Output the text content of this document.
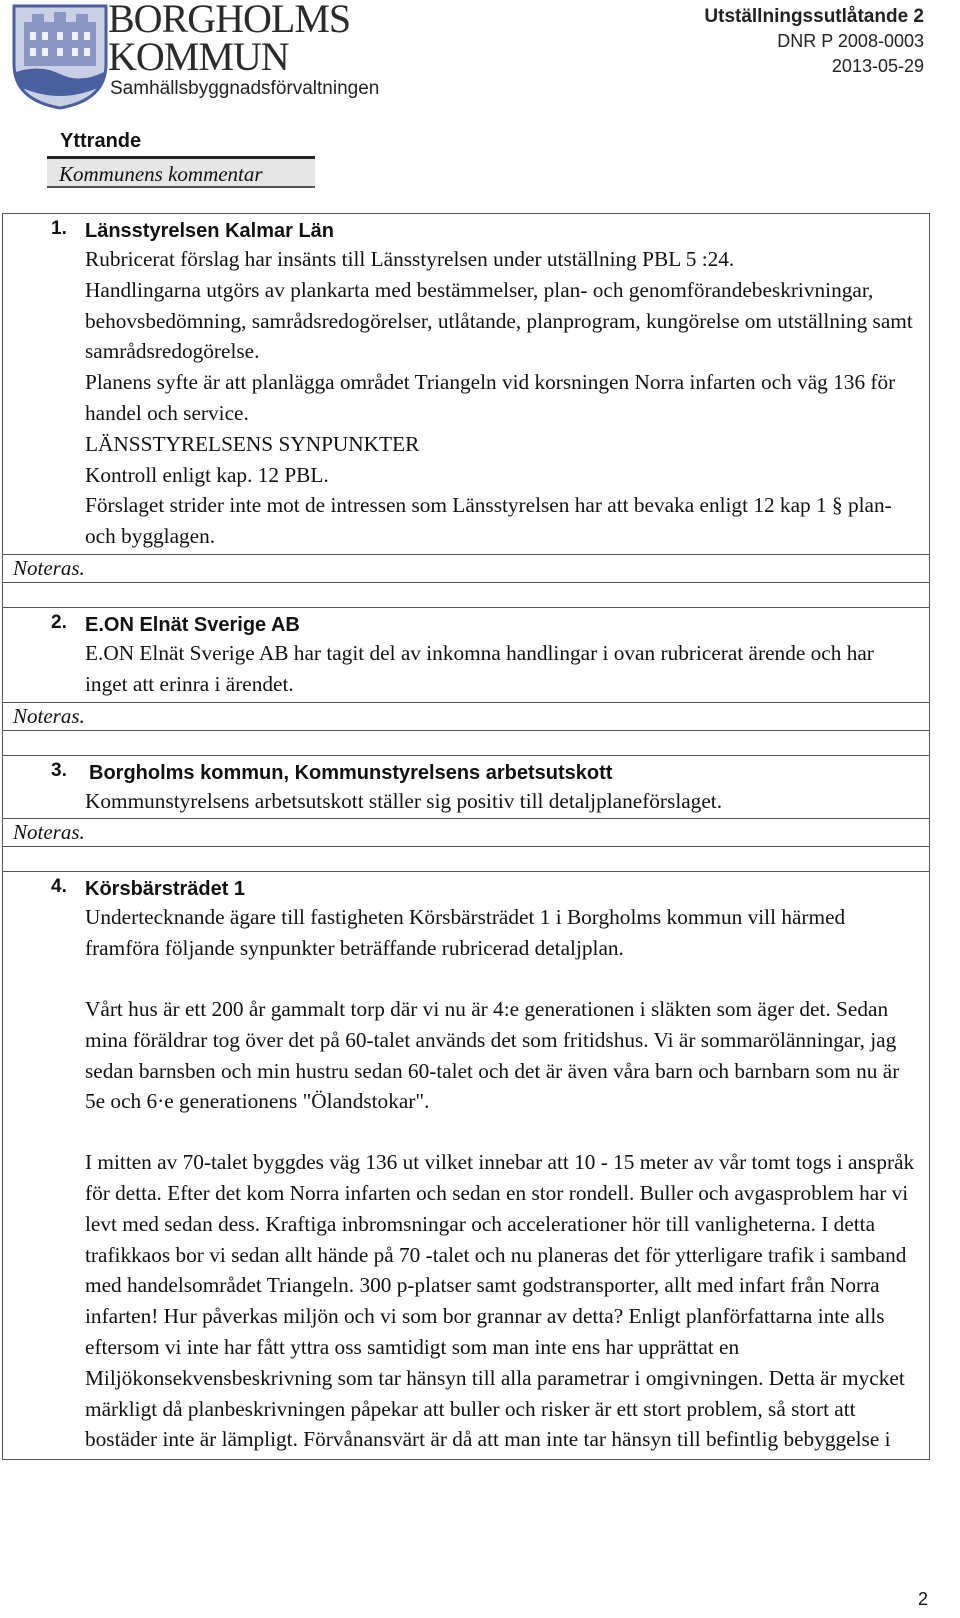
BORGHOLMS
KOMMUN
Samhällsbyggnadsförvaltningen
Utställningssutlåtande 2
DNR P 2008-0003
2013-05-29
Yttrande
Kommunens kommentar
1. Länsstyrelsen Kalmar Län
Rubricerat förslag har insänts till Länsstyrelsen under utställning PBL 5 :24.
Handlingarna utgörs av plankarta med bestämmelser, plan- och genomförandebeskrivningar, behovsbedömning, samrådsredogörelser, utlåtande, planprogram, kungörelse om utställning samt samrådsredogörelse.
Planens syfte är att planlägga området Triangeln vid korsningen Norra infarten och väg 136 för handel och service.
LÄNSSTYRELSENS SYNPUNKTER
Kontroll enligt kap. 12 PBL.
Förslaget strider inte mot de intressen som Länsstyrelsen har att bevaka enligt 12 kap 1 § plan- och bygglagen.
Noteras.
2. E.ON Elnät Sverige AB
E.ON Elnät Sverige AB har tagit del av inkomna handlingar i ovan rubricerat ärende och har inget att erinra i ärendet.
Noteras.
3. Borgholms kommun, Kommunstyrelsens arbetsutskott
Kommunstyrelsens arbetsutskott ställer sig positiv till detaljplaneförslaget.
Noteras.
4. Körsbärsträdet 1
Undertecknande ägare till fastigheten Körsbärsträdet 1 i Borgholms kommun vill härmed framföra följande synpunkter beträffande rubricerad detaljplan.
Vårt hus är ett 200 år gammalt torp där vi nu är 4:e generationen i släkten som äger det. Sedan mina föräldrar tog över det på 60-talet används det som fritidshus. Vi är sommarölänningar, jag sedan barnsben och min hustru sedan 60-talet och det är även våra barn och barnbarn som nu är 5e och 6·e generationens "Ölandstokar".
I mitten av 70-talet byggdes väg 136 ut vilket innebar att 10 - 15 meter av vår tomt togs i anspråk för detta. Efter det kom Norra infarten och sedan en stor rondell. Buller och avgasproblem har vi levt med sedan dess. Kraftiga inbromsningar och accelerationer hör till vanligheterna. I detta trafikkaos bor vi sedan allt hände på 70 -talet och nu planeras det för ytterligare trafik i samband med handelsområdet Triangeln. 300 p-platser samt godstransporter, allt med infart från Norra infarten! Hur påverkas miljön och vi som bor grannar av detta? Enligt planförfattarna inte alls eftersom vi inte har fått yttra oss samtidigt som man inte ens har upprättat en Miljökonsekvensbeskrivning som tar hänsyn till alla parametrar i omgivningen. Detta är mycket märkligt då planbeskrivningen påpekar att buller och risker är ett stort problem, så stort att bostäder inte är lämpligt. Förvånansvärt är då att man inte tar hänsyn till befintlig bebyggelse i
2
